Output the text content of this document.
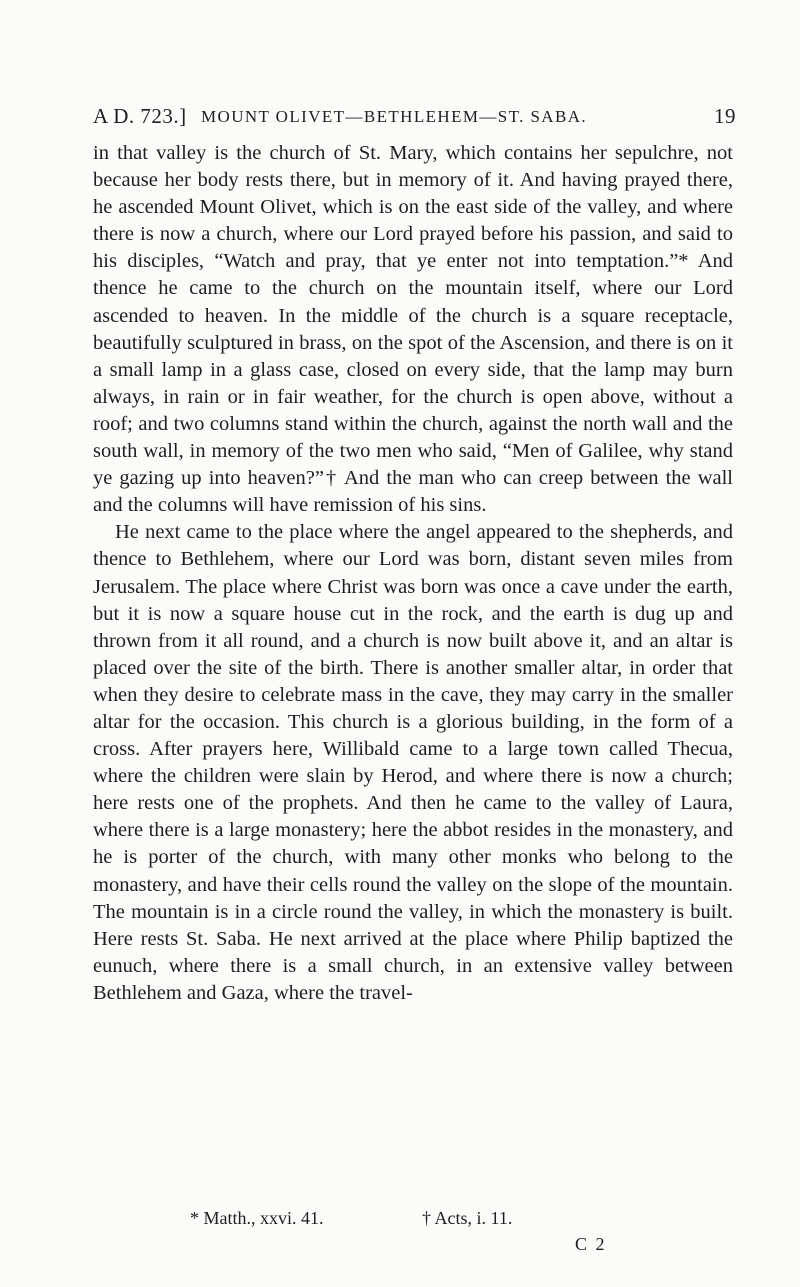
A D. 723.] MOUNT OLIVET—BETHLEHEM—ST. SABA.	19

in that valley is the church of St. Mary, which contains her sepulchre, not because her body rests there, but in memory of it. And having prayed there, he ascended Mount Olivet, which is on the east side of the valley, and where there is now a church, where our Lord prayed before his passion, and said to his disciples, “Watch and pray, that ye enter not into temptation.”* And thence he came to the church on the mountain itself, where our Lord ascended to heaven. In the middle of the church is a square receptacle, beautifully sculptured in brass, on the spot of the Ascension, and there is on it a small lamp in a glass case, closed on every side, that the lamp may burn always, in rain or in fair weather, for the church is open above, without a roof; and two columns stand within the church, against the north wall and the south wall, in memory of the two men who said, “Men of Galilee, why stand ye gazing up into heaven?”† And the man who can creep between the wall and the columns will have remission of his sins.

He next came to the place where the angel appeared to the shepherds, and thence to Bethlehem, where our Lord was born, distant seven miles from Jerusalem. The place where Christ was born was once a cave under the earth, but it is now a square house cut in the rock, and the earth is dug up and thrown from it all round, and a church is now built above it, and an altar is placed over the site of the birth. There is another smaller altar, in order that when they desire to celebrate mass in the cave, they may carry in the smaller altar for the occasion. This church is a glorious building, in the form of a cross. After prayers here, Willibald came to a large town called Thecua, where the children were slain by Herod, and where there is now a church; here rests one of the prophets. And then he came to the valley of Laura, where there is a large monastery; here the abbot resides in the monastery, and he is porter of the church, with many other monks who belong to the monastery, and have their cells round the valley on the slope of the mountain. The mountain is in a circle round the valley, in which the monastery is built. Here rests St. Saba. He next arrived at the place where Philip baptized the eunuch, where there is a small church, in an extensive valley between Bethlehem and Gaza, where the travel-

* Matth., xxvi. 41.	† Acts, i. 11.
C 2
